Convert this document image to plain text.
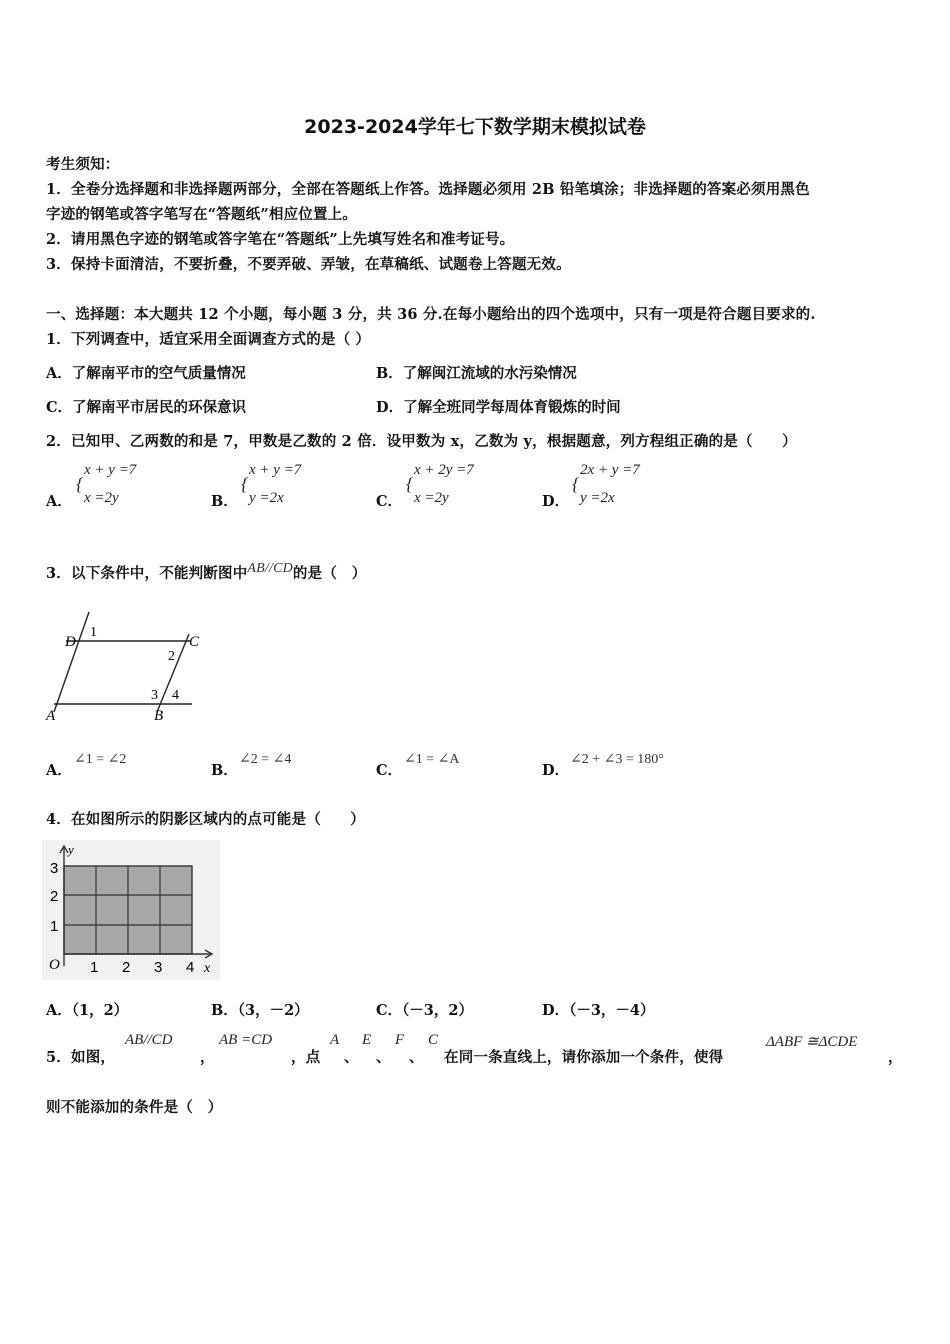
2023-2024学年七下数学期末模拟试卷
考生须知：
1．全卷分选择题和非选择题两部分，全部在答题纸上作答。选择题必须用 2B 铅笔填涂；非选择题的答案必须用黑色
字迹的钢笔或答字笔写在“答题纸”相应位置上。
2．请用黑色字迹的钢笔或答字笔在“答题纸”上先填写姓名和准考证号。
3．保持卡面清洁，不要折叠，不要弄破、弄皱，在草稿纸、试题卷上答题无效。
一、选择题：本大题共 12 个小题，每小题 3 分，共 36 分.在每小题给出的四个选项中，只有一项是符合题目要求的.
1．下列调查中，适宜采用全面调查方式的是（ ）
A．了解南平市的空气质量情况	B．了解闽江流域的水污染情况
C．了解南平市居民的环保意识	D．了解全班同学每周体育锻炼的时间
2．已知甲、乙两数的和是 7，甲数是乙数的 2 倍．设甲数为 x，乙数为 y，根据题意，列方程组正确的是（　　）
A．
{
x + y =7
x =2y	B．
{
x + y =7
y =2x	C．
{
x + 2y =7
x =2y	D．
{
2x + y =7
y =2x
3．以下条件中，不能判断图中AB//CD的是（　）
D
1
C
2
3 4
A	B
A．
∠1 = ∠2
B．
∠2 = ∠4
C．
∠1 = ∠A
D．
∠2 + ∠3 = 180°
4．在如图所示的阴影区域内的点可能是（　　）
y
3
2
1
O 1 2 3 4 x
A．（1，2）	B．（3，－2）	C．（－3，2）	D．（－3，－4）
5．如图，
AB//CD
，
AB =CD
，点
A
、
E
、
F
、
C
在同一条直线上，请你添加一个条件，使得
ΔABF ≅ΔCDE
，
则不能添加的条件是（　）
